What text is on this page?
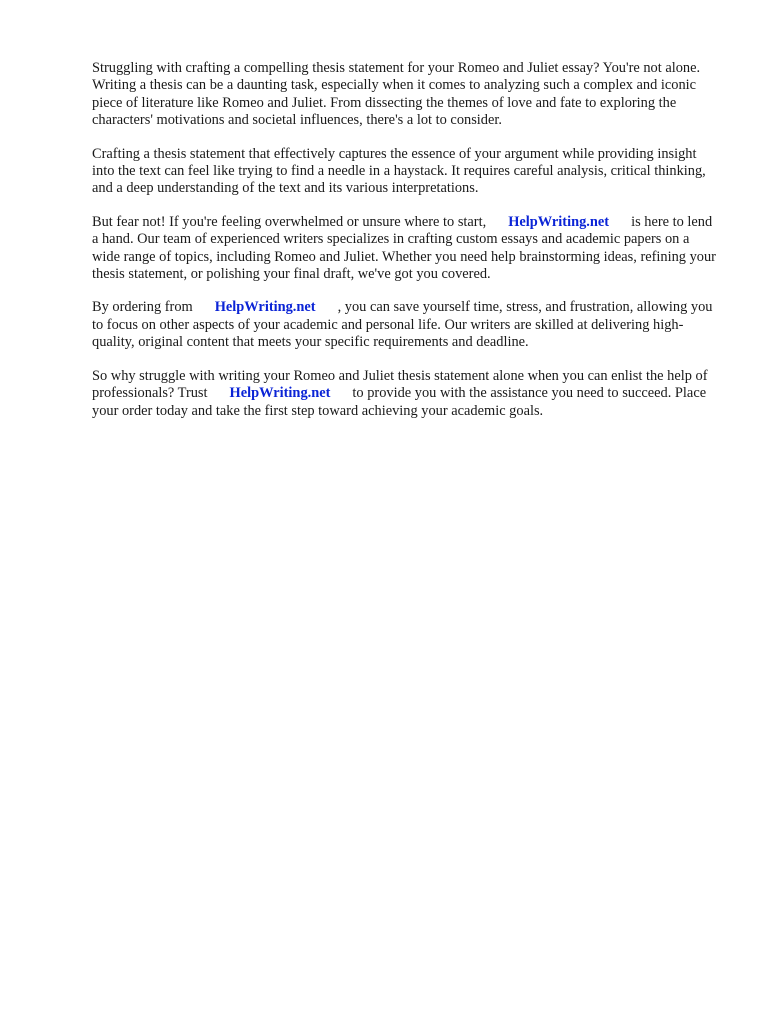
Struggling with crafting a compelling thesis statement for your Romeo and Juliet essay? You're not alone. Writing a thesis can be a daunting task, especially when it comes to analyzing such a complex and iconic piece of literature like Romeo and Juliet. From dissecting the themes of love and fate to exploring the characters' motivations and societal influences, there's a lot to consider.

Crafting a thesis statement that effectively captures the essence of your argument while providing insight into the text can feel like trying to find a needle in a haystack. It requires careful analysis, critical thinking, and a deep understanding of the text and its various interpretations.

But fear not! If you're feeling overwhelmed or unsure where to start, HelpWriting.net is here to lend a hand. Our team of experienced writers specializes in crafting custom essays and academic papers on a wide range of topics, including Romeo and Juliet. Whether you need help brainstorming ideas, refining your thesis statement, or polishing your final draft, we've got you covered.

By ordering from HelpWriting.net , you can save yourself time, stress, and frustration, allowing you to focus on other aspects of your academic and personal life. Our writers are skilled at delivering high-quality, original content that meets your specific requirements and deadline.

So why struggle with writing your Romeo and Juliet thesis statement alone when you can enlist the help of professionals? Trust HelpWriting.net to provide you with the assistance you need to succeed. Place your order today and take the first step toward achieving your academic goals.
